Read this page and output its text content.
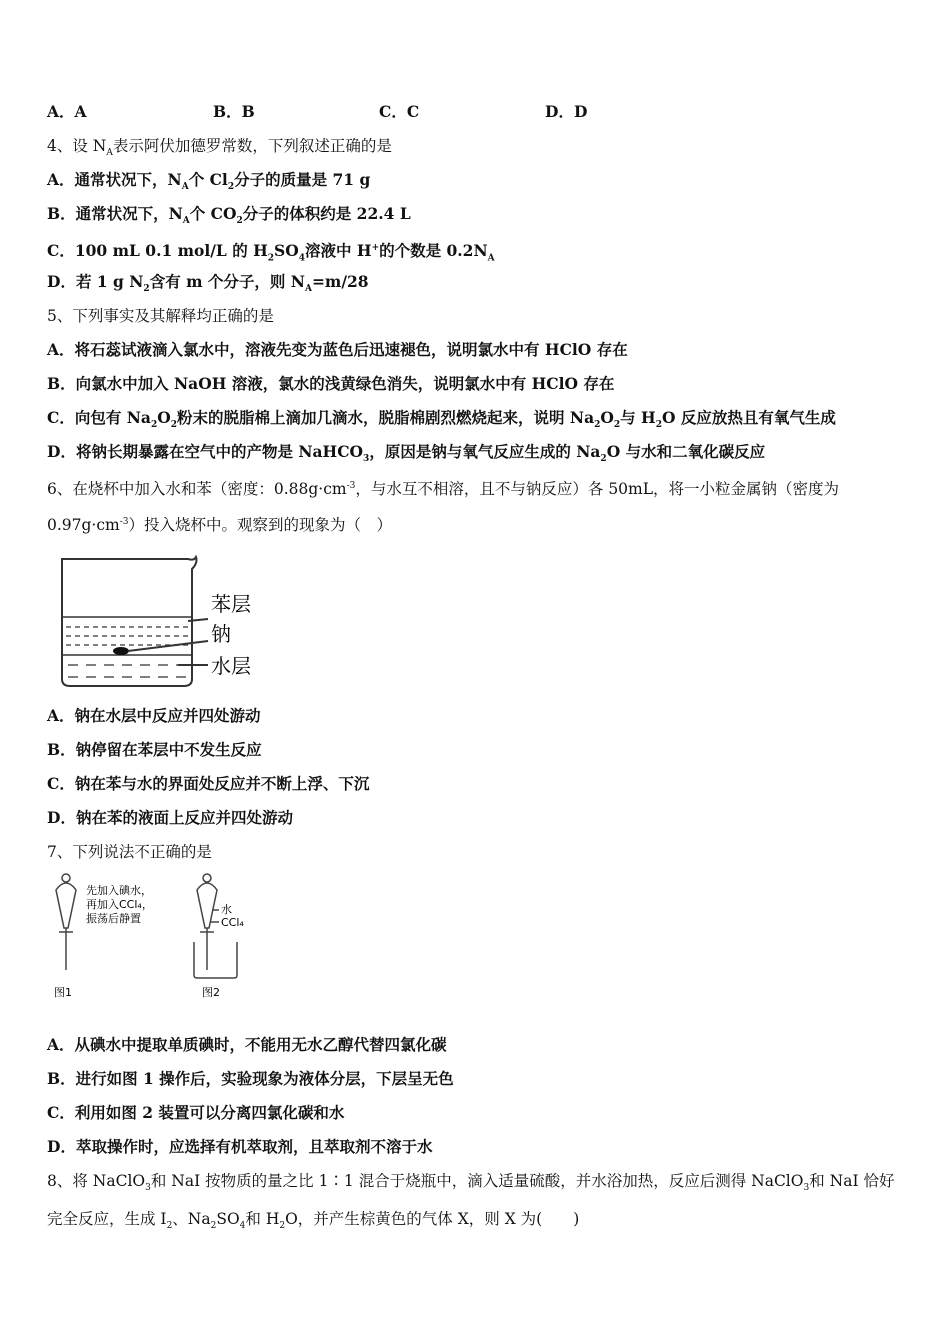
A．A	B．B	C．C	D．D
4、设 $N_A$表示阿伏加德罗常数，下列叙述正确的是
A．通常状况下，$N_A$个 $Cl_2$分子的质量是 71 g
B．通常状况下，$N_A$个 $CO_2$分子的体积约是 22.4 L
C．100 mL 0.1 mol/L 的 $H_2SO_4$溶液中 H+的个数是 $0.2N_A$
D．若 1 g $N_2$含有 m 个分子，则 $N_A=m/28$
5、下列事实及其解释均正确的是
A．将石蕊试液滴入氯水中，溶液先变为蓝色后迅速褪色，说明氯水中有 HClO 存在
B．向氯水中加入 NaOH 溶液，氯水的浅黄绿色消失，说明氯水中有 HClO 存在
C．向包有 $Na_2O_2$粉末的脱脂棉上滴加几滴水，脱脂棉剧烈燃烧起来，说明 $Na_2O_2$与 $H_2O$ 反应放热且有氧气生成
D．将钠长期暴露在空气中的产物是 NaHCO$_3$，原因是钠与氧气反应生成的 $Na_2O$ 与水和二氧化碳反应
6、在烧杯中加入水和苯（密度：$0.88g\cdot cm^{-3}$，与水互不相溶，且不与钠反应）各 50mL，将一小粒金属钠（密度为
$0.97g\cdot cm^{-3}$）投入烧杯中。观察到的现象为（　）
A．钠在水层中反应并四处游动
B．钠停留在苯层中不发生反应
C．钠在苯与水的界面处反应并不断上浮、下沉
D．钠在苯的液面上反应并四处游动
7、下列说法不正确的是
A．从碘水中提取单质碘时，不能用无水乙醇代替四氯化碳
B．进行如图 1 操作后，实验现象为液体分层，下层呈无色
C．利用如图 2 装置可以分离四氯化碳和水
D．萃取操作时，应选择有机萃取剂，且萃取剂不溶于水
8、将 NaClO$_3$和 NaI 按物质的量之比 1∶1 混合于烧瓶中，滴入适量硫酸，并水浴加热，反应后测得 NaClO$_3$和 NaI 恰好
完全反应，生成 $I_2$、$Na_2SO_4$和 $H_2O$，并产生棕黄色的气体 X，则 X 为(　　)
苯层
钠
水层
先加入碘水，
再加入CCl₄，
振荡后静置
图1
水
CCl₄
图2
